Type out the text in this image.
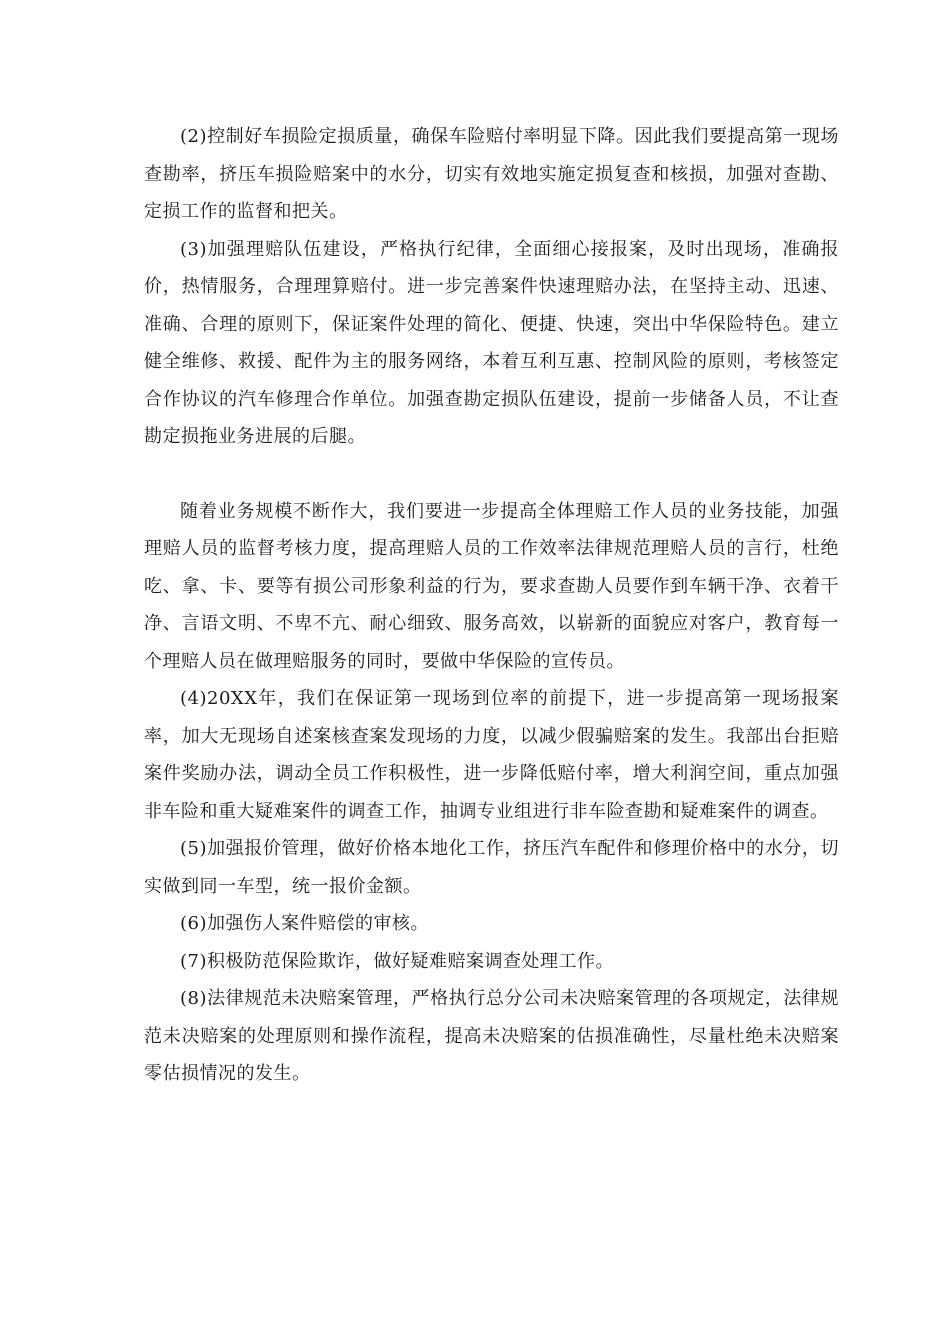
(2)控制好车损险定损质量，确保车险赔付率明显下降。因此我们要提高第一现场查勘率，挤压车损险赔案中的水分，切实有效地实施定损复查和核损，加强对查勘、定损工作的监督和把关。

(3)加强理赔队伍建设，严格执行纪律，全面细心接报案，及时出现场，准确报价，热情服务，合理理算赔付。进一步完善案件快速理赔办法，在坚持主动、迅速、准确、合理的原则下，保证案件处理的简化、便捷、快速，突出中华保险特色。建立健全维修、救援、配件为主的服务网络，本着互利互惠、控制风险的原则，考核签定合作协议的汽车修理合作单位。加强查勘定损队伍建设，提前一步储备人员，不让查勘定损拖业务进展的后腿。

随着业务规模不断作大，我们要进一步提高全体理赔工作人员的业务技能，加强理赔人员的监督考核力度，提高理赔人员的工作效率法律规范理赔人员的言行，杜绝吃、拿、卡、要等有损公司形象利益的行为，要求查勘人员要作到车辆干净、衣着干净、言语文明、不卑不亢、耐心细致、服务高效，以崭新的面貌应对客户，教育每一个理赔人员在做理赔服务的同时，要做中华保险的宣传员。

(4)20XX年，我们在保证第一现场到位率的前提下，进一步提高第一现场报案率，加大无现场自述案核查案发现场的力度，以减少假骗赔案的发生。我部出台拒赔案件奖励办法，调动全员工作积极性，进一步降低赔付率，增大利润空间，重点加强非车险和重大疑难案件的调查工作，抽调专业组进行非车险查勘和疑难案件的调查。

(5)加强报价管理，做好价格本地化工作，挤压汽车配件和修理价格中的水分，切实做到同一车型，统一报价金额。

(6)加强伤人案件赔偿的审核。

(7)积极防范保险欺诈，做好疑难赔案调查处理工作。

(8)法律规范未决赔案管理，严格执行总分公司未决赔案管理的各项规定，法律规范未决赔案的处理原则和操作流程，提高未决赔案的估损准确性，尽量杜绝未决赔案零估损情况的发生。
